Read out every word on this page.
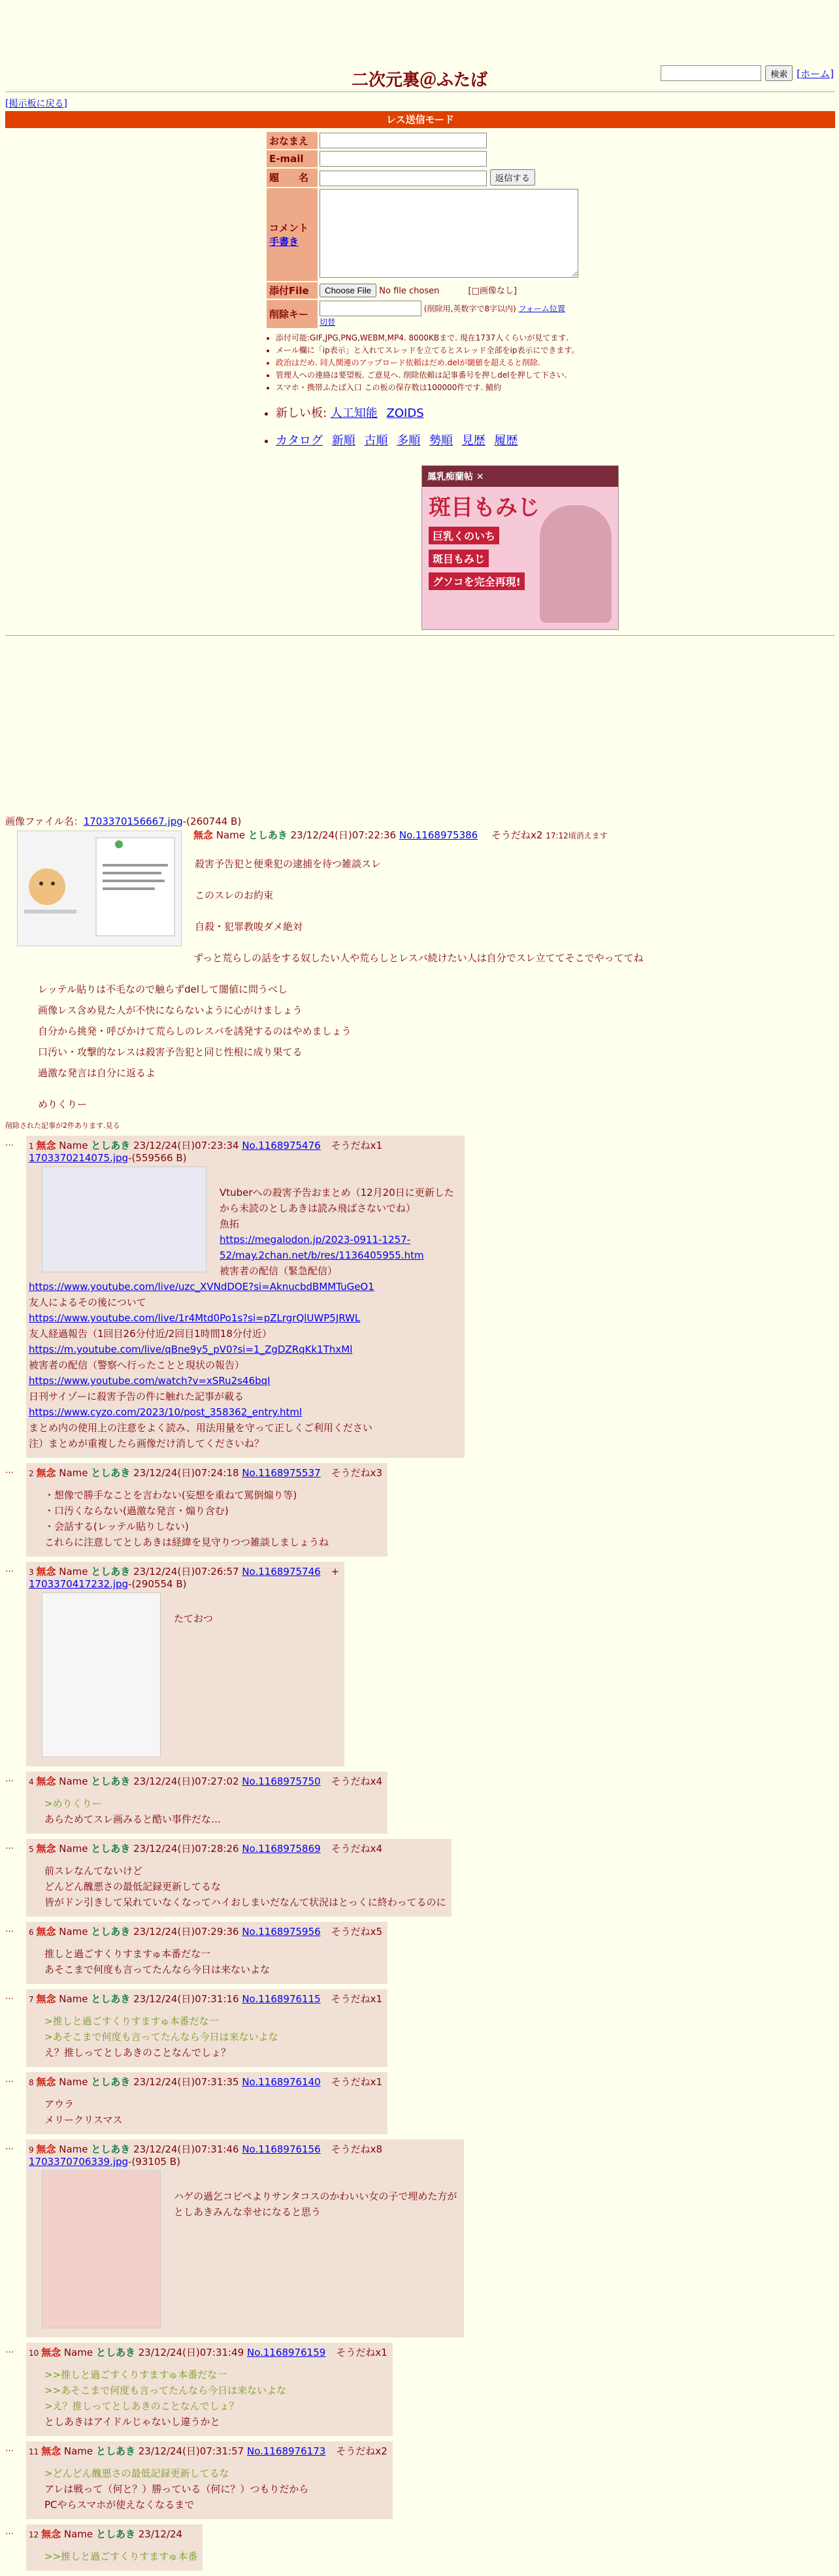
検索 [ホーム]
二次元裏＠ふたば
[掲示板に戻る]
レス送信モード
おなまえ	
E-mail	
題　　名	返信する

コメント
手書き	
添付File	Choose File No file chosen [□画像なし]
削除キー	(削除用,英数字で8字以内) フォーム位置
切替
• 添付可能:GIF,JPG,PNG,WEBM,MP4. 8000KBまで. 現在1737人くらいが見てます.
• メール欄に「ip表示」と入れてスレッドを立てるとスレッド全部をip表示にできます。
• 政治はだめ. 同人関連のアップロード依頼はだめ.delが閾値を超えると削除.
• 管理人への連絡は要望板. ご意見へ. 削除依頼は記事番号を押しdelを押して下さい.
• スマホ・携帯ふたば入口 この板の保存数は100000件です. 鯖約
• 新しい板: 人工知能 ZOIDS
• カタログ 新順 古順 多順 勢順 見歴 履歴
鳳乳痴蘭帖 ✕
斑目もみじ
巨乳くのいち
斑目もみじ
グソコを完全再現!
画像ファイル名：1703370156667.jpg-(260744 B)
無念 Name としあき 23/12/24(日)07:22:36 No.1168975386 そうだねx2 17:12頃消えます
殺害予告犯と便乗犯の逮捕を待つ雑談スレ
このスレのお約束
自殺・犯罪教唆ダメ絶対
ずっと荒らしの話をする奴したい人や荒らしとレスバ続けたい人は自分でスレ立ててそこでやっててね
レッテル貼りは不毛なので触らずdelして闇値に問うべし
画像レス含め見た人が不快にならないように心がけましょう
自分から挑発・呼びかけて荒らしのレスバを誘発するのはやめましょう
口汚い・攻撃的なレスは殺害予告犯と同じ性根に成り果てる
過激な発言は自分に返るよ
めりくりー
削除された記事が2件あります.見る
…	1 無念 Name としあき 23/12/24(日)07:23:34 No.1168975476 そうだねx1
1703370214075.jpg-(559566 B)
Vtuberへの殺害予告おまとめ（12月20日に更新したから未読のとしあきは読み飛ばさないでね）
魚拓
https://megalodon.jp/2023-0911-1257-52/may.2chan.net/b/res/1136405955.htm
被害者の配信（緊急配信）
https://www.youtube.com/live/uzc_XVNdDOE?si=AknucbdBMMTuGeO1
友人によるその後について
https://www.youtube.com/live/1r4Mtd0Po1s?si=pZLrgrQlUWP5JRWL
友人経過報告（1回目26分付近/2回目1時間18分付近）
https://m.youtube.com/live/qBne9y5_pV0?si=1_ZgDZRqKk1ThxMl
被害者の配信（警察へ行ったことと現状の報告）
https://www.youtube.com/watch?v=xSRu2s46bqI
日刊サイゾーに殺害予告の件に触れた記事が載る
https://www.cyzo.com/2023/10/post_358362_entry.html
まとめ内の使用上の注意をよく読み、用法用量を守って正しくご利用ください
注）まとめが重複したら画像だけ消してくださいね？
…	2 無念 Name としあき 23/12/24(日)07:24:18 No.1168975537 そうだねx3
・想像で勝手なことを言わない(妄想を重ねて罵倒煽り等)
・口汚くならない(過激な発言・煽り含む)
・会話する(レッテル貼りしない)
これらに注意してとしあきは経緯を見守りつつ雑談しましょうね
…	3 無念 Name としあき 23/12/24(日)07:26:57 No.1168975746 +
1703370417232.jpg-(290554 B)
たておつ
…	4 無念 Name としあき 23/12/24(日)07:27:02 No.1168975750 そうだねx4
>めりくりー
あらためてスレ画みると酷い事件だな…
…	5 無念 Name としあき 23/12/24(日)07:28:26 No.1168975869 そうだねx4
前スレなんてないけど
どんどん醜悪さの最低記録更新してるな
皆がドン引きして呆れていなくなってハイおしまいだなんて状況はとっくに終わってるのに
…	6 無念 Name としあき 23/12/24(日)07:29:36 No.1168975956 そうだねx5
推しと過ごすくりすますゅ本番だな一
あそこまで何度も言ってたんなら今日は来ないよな
…	7 無念 Name としあき 23/12/24(日)07:31:16 No.1168976115 そうだねx1
>推しと過ごすくりすますゅ本番だな一
>あそこまで何度も言ってたんなら今日は来ないよな
え？推しってとしあきのことなんでしょ？
…	8 無念 Name としあき 23/12/24(日)07:31:35 No.1168976140 そうだねx1
アウラ
メリークリスマス
…	9 無念 Name としあき 23/12/24(日)07:31:46 No.1168976156 そうだねx8
1703370706339.jpg-(93105 B)
ハゲの過乞コピペよりサンタコスのかわいい女の子で埋めた方がとしあきみんな幸せになると思う
…	10 無念 Name としあき 23/12/24(日)07:31:49 No.1168976159 そうだねx1
>>推しと過ごすくりすますゅ本番だな一
>>あそこまで何度も言ってたんなら今日は来ないよな
>え？推しってとしあきのことなんでしょ？
としあきはアイドルじゃないし違うかと
…	11 無念 Name としあき 23/12/24(日)07:31:57 No.1168976173 そうだねx2
>どんどん醜悪さの最低記録更新してるな
アレは戦って（何と？）勝っている（何に？）つもりだから
PCやらスマホが使えなくなるまで
…	12 無念 Name としあき 23/12/24
>>推しと過ごすくりすますゅ本番
